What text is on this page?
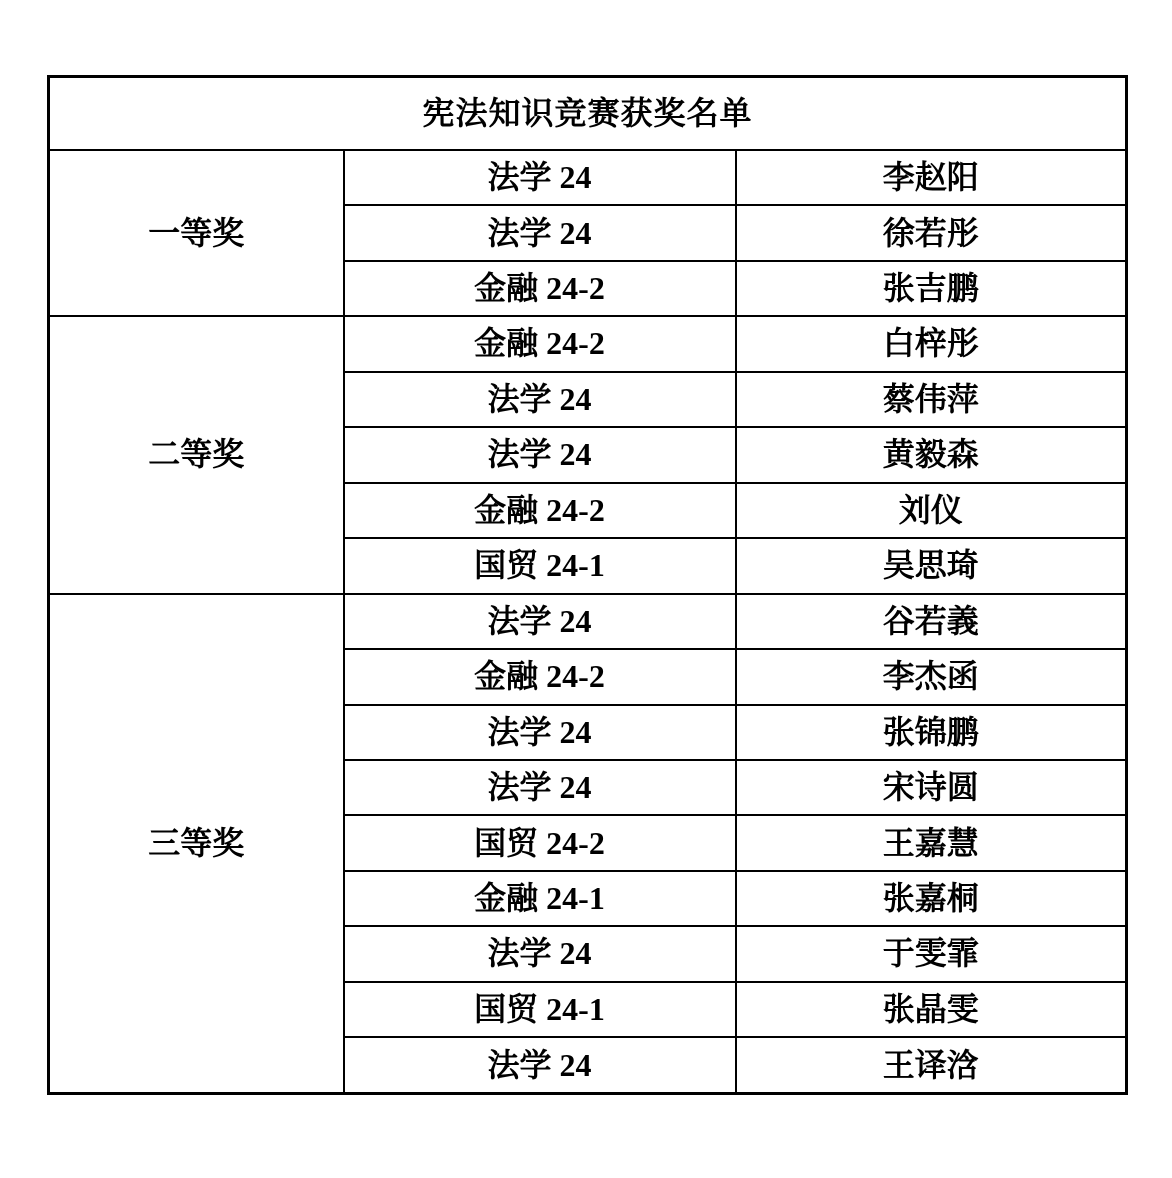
宪法知识竞赛获奖名单		
一等奖	法学 24	李赵阳
	法学 24	徐若彤
	金融 24-2	张吉鹏
二等奖	金融 24-2	白梓彤
	法学 24	蔡伟萍
	法学 24	黄毅森
	金融 24-2	刘仪
	国贸 24-1	吴思琦
三等奖	法学 24	谷若義
	金融 24-2	李杰函
	法学 24	张锦鹏
	法学 24	宋诗圆
	国贸 24-2	王嘉慧
	金融 24-1	张嘉桐
	法学 24	于雯霏
	国贸 24-1	张晶雯
	法学 24	王译浛
